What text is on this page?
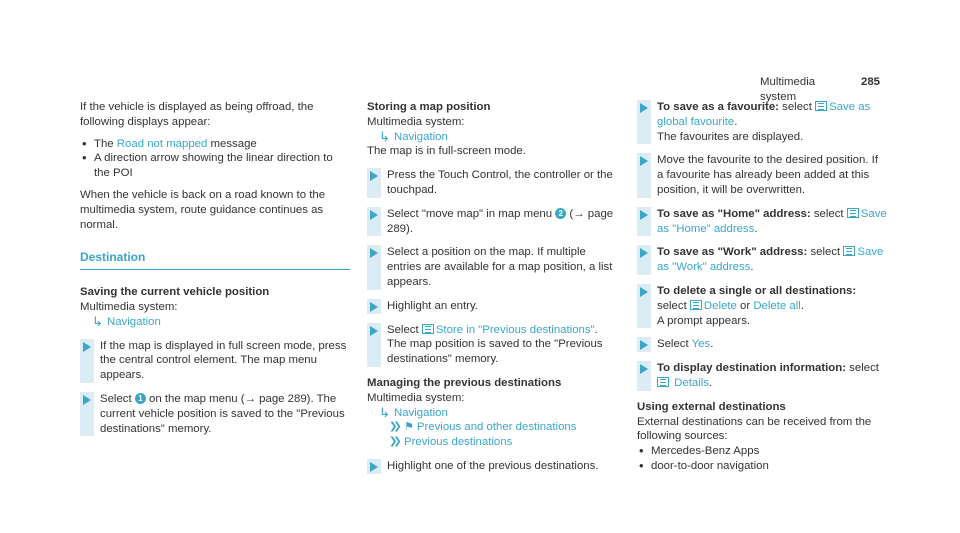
Multimedia system
285

If the vehicle is displayed as being offroad, the following displays appear:

• The Road not mapped message
• A direction arrow showing the linear direction to the POI

When the vehicle is back on a road known to the multimedia system, route guidance continues as normal.

Destination
Saving the current vehicle position
Multimedia system:
↳ Navigation
If the map is displayed in full screen mode, press the central control element. The map menu appears.
Select 1 on the map menu (→ page 289). The current vehicle position is saved to the "Previous destinations" memory.
Storing a map position
Multimedia system:
↳ Navigation

The map is in full-screen mode.

Press the Touch Control, the controller or the touchpad.
Select "move map" in map menu 2 (→ page 289).
Select a position on the map. If multiple entries are available for a map position, a list appears.
Highlight an entry.
Select Store in "Previous destinations".
The map position is saved to the "Previous destinations" memory.
Managing the previous destinations
Multimedia system:
↳ Navigation
❯❯ ⚑ Previous and other destinations
❯❯ Previous destinations
Highlight one of the previous destinations.
To save as a favourite: select Save as global favourite.
The favourites are displayed.
Move the favourite to the desired position. If a favourite has already been added at this position, it will be overwritten.
To save as "Home" address: select Save as "Home" address.
To save as "Work" address: select Save as "Work" address.
To delete a single or all destinations:
select Delete or Delete all.
A prompt appears.
Select Yes.
To display destination information: select
Details.
Using external destinations
External destinations can be received from the following sources:
• Mercedes-Benz Apps
• door-to-door navigation
